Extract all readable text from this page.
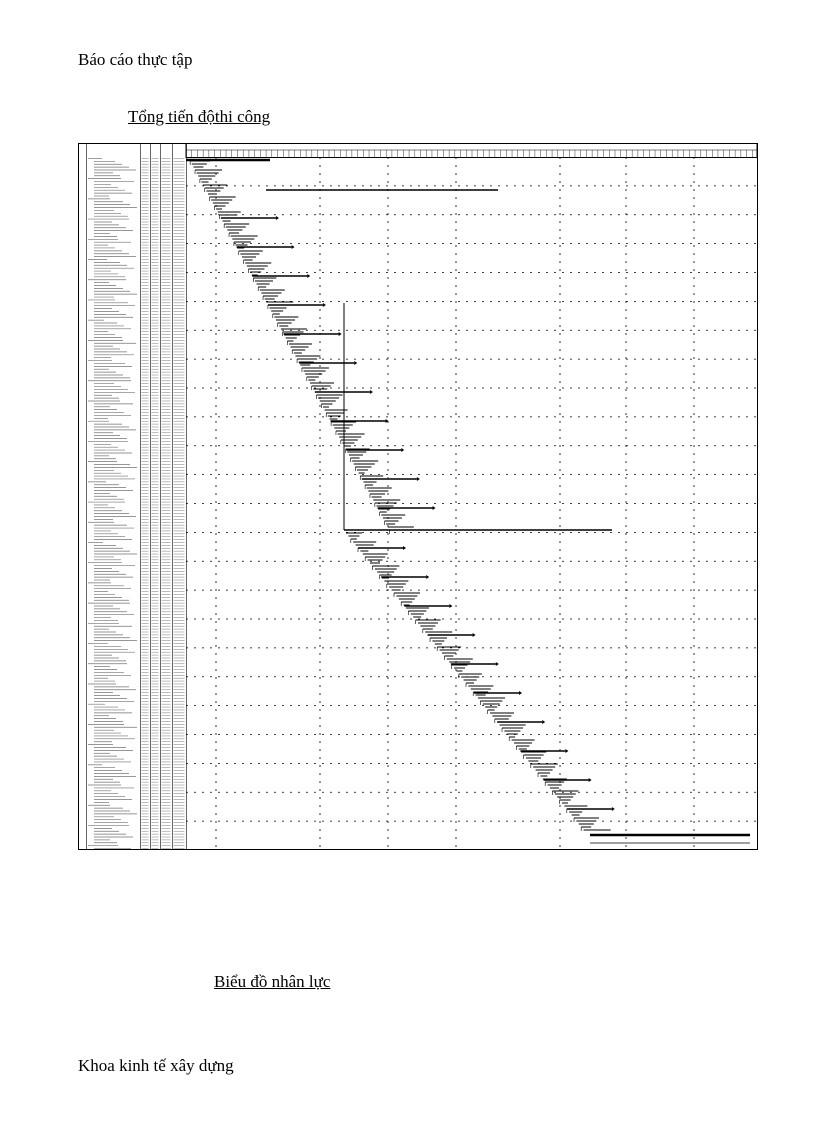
Báo cáo thực tập
Tổng tiến độthi công
Biểu đồ nhân lực
Khoa kinh tế xây dựng
